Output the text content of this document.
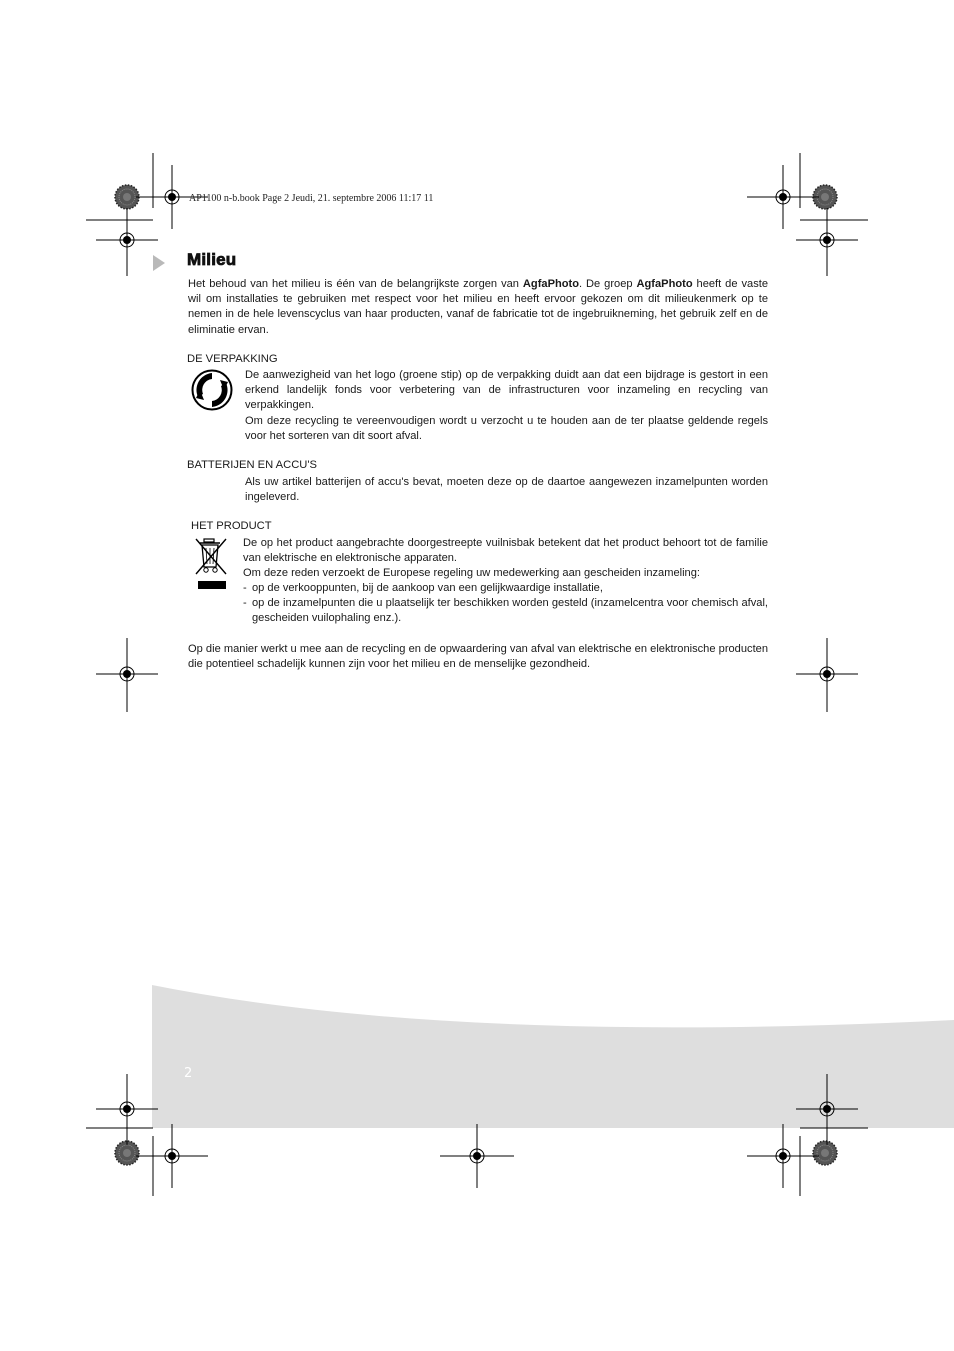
2
AP1100 n-b.book Page 2 Jeudi, 21. septembre 2006 11:17 11
Milieu
Het behoud van het milieu is één van de belangrijkste zorgen van AgfaPhoto. De groep AgfaPhoto heeft de vaste wil om installaties te gebruiken met respect voor het milieu en heeft ervoor gekozen om dit milieukenmerk op te nemen in de hele levenscyclus van haar producten, vanaf de fabricatie tot de ingebruikneming, het gebruik zelf en de eliminatie ervan.
DE VERPAKKING
De aanwezigheid van het logo (groene stip) op de verpakking duidt aan dat een bijdrage is gestort in een erkend landelijk fonds voor verbetering van de infrastructuren voor inzameling en recycling van verpakkingen.
Om deze recycling te vereenvoudigen wordt u verzocht u te houden aan de ter plaatse geldende regels voor het sorteren van dit soort afval.
BATTERIJEN EN ACCU'S
Als uw artikel batterijen of accu's bevat, moeten deze op de daartoe aangewezen inzamelpunten worden ingeleverd.
HET PRODUCT
De op het product aangebrachte doorgestreepte vuilnisbak betekent dat het product behoort tot de familie van elektrische en elektronische apparaten.
Om deze reden verzoekt de Europese regeling uw medewerking aan gescheiden inzameling:
- op de verkooppunten, bij de aankoop van een gelijkwaardige installatie,
- op de inzamelpunten die u plaatselijk ter beschikken worden gesteld (inzamelcentra voor chemisch afval, gescheiden vuilophaling enz.).
Op die manier werkt u mee aan de recycling en de opwaardering van afval van elektrische en elektronische producten die potentieel schadelijk kunnen zijn voor het milieu en de menselijke gezondheid.
